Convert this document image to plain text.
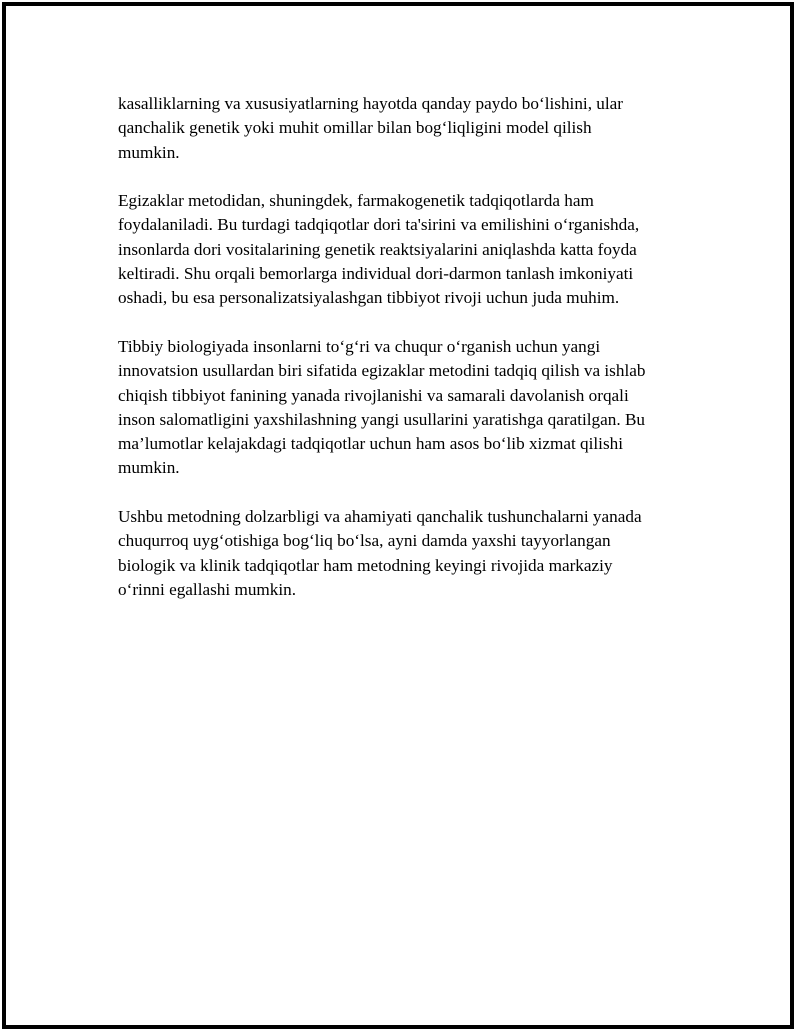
kasalliklarning va xususiyatlarning hayotda qanday paydo bo‘lishini, ular
qanchalik genetik yoki muhit omillar bilan bog‘liqligini model qilish
mumkin.

Egizaklar metodidan, shuningdek, farmakogenetik tadqiqotlarda ham
foydalaniladi. Bu turdagi tadqiqotlar dori ta'sirini va emilishini o‘rganishda,
insonlarda dori vositalarining genetik reaktsiyalarini aniqlashda katta foyda
keltiradi. Shu orqali bemorlarga individual dori-darmon tanlash imkoniyati
oshadi, bu esa personalizatsiyalashgan tibbiyot rivoji uchun juda muhim.

Tibbiy biologiyada insonlarni to‘g‘ri va chuqur o‘rganish uchun yangi
innovatsion usullardan biri sifatida egizaklar metodini tadqiq qilish va ishlab
chiqish tibbiyot fanining yanada rivojlanishi va samarali davolanish orqali
inson salomatligini yaxshilashning yangi usullarini yaratishga qaratilgan. Bu
ma’lumotlar kelajakdagi tadqiqotlar uchun ham asos bo‘lib xizmat qilishi
mumkin.

Ushbu metodning dolzarbligi va ahamiyati qanchalik tushunchalarni yanada
chuqurroq uyg‘otishiga bog‘liq bo‘lsa, ayni damda yaxshi tayyorlangan
biologik va klinik tadqiqotlar ham metodning keyingi rivojida markaziy
o‘rinni egallashi mumkin.
